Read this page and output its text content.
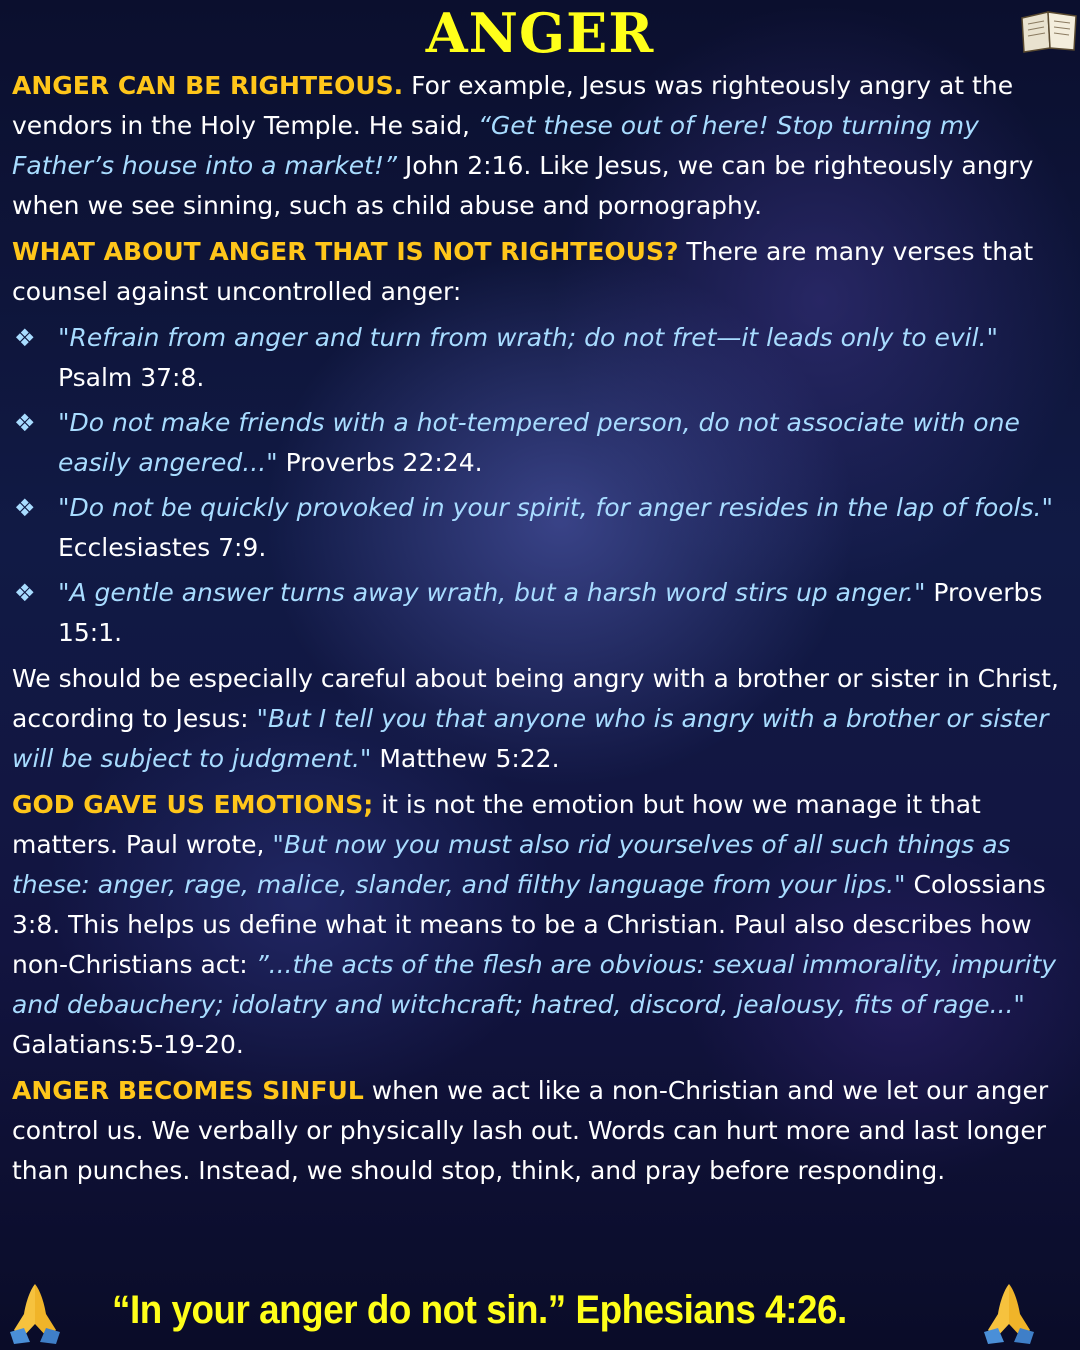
ANGER

ANGER CAN BE RIGHTEOUS. For example, Jesus was righteously angry at the vendors in the Holy Temple. He said, “Get these out of here! Stop turning my Father’s house into a market!” John 2:16. Like Jesus, we can be righteously angry when we see sinning, such as child abuse and pornography.

WHAT ABOUT ANGER THAT IS NOT RIGHTEOUS? There are many verses that counsel against uncontrolled anger:

❖ "Refrain from anger and turn from wrath; do not fret—it leads only to evil." Psalm 37:8.
❖ "Do not make friends with a hot-tempered person, do not associate with one easily angered..." Proverbs 22:24.
❖ "Do not be quickly provoked in your spirit, for anger resides in the lap of fools." Ecclesiastes 7:9.
❖ "A gentle answer turns away wrath, but a harsh word stirs up anger." Proverbs 15:1.

We should be especially careful about being angry with a brother or sister in Christ, according to Jesus: "But I tell you that anyone who is angry with a brother or sister will be subject to judgment." Matthew 5:22.

GOD GAVE US EMOTIONS; it is not the emotion but how we manage it that matters. Paul wrote, "But now you must also rid yourselves of all such things as these: anger, rage, malice, slander, and filthy language from your lips." Colossians 3:8. This helps us define what it means to be a Christian. Paul also describes how non-Christians act: ”...the acts of the flesh are obvious: sexual immorality, impurity and debauchery; idolatry and witchcraft; hatred, discord, jealousy, fits of rage..." Galatians:5-19-20.

ANGER BECOMES SINFUL when we act like a non-Christian and we let our anger control us. We verbally or physically lash out. Words can hurt more and last longer than punches. Instead, we should stop, think, and pray before responding.

“In your anger do not sin.” Ephesians 4:26.
